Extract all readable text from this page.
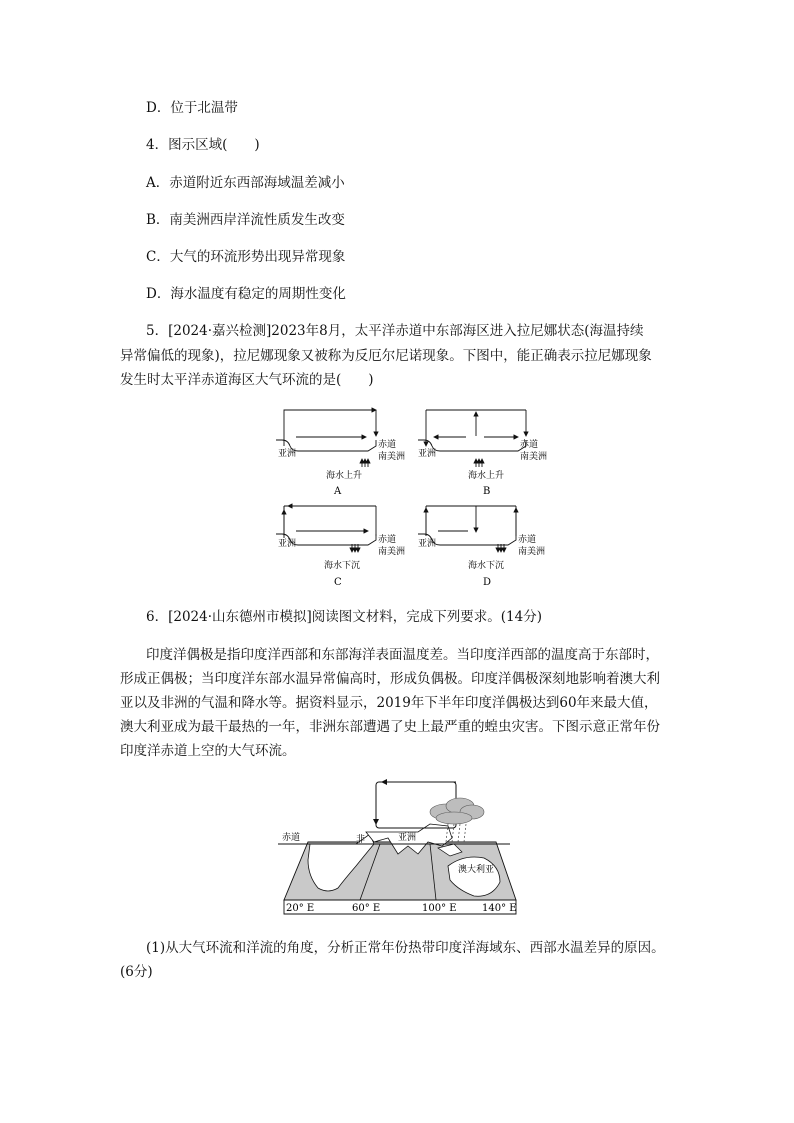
D．位于北温带
4．图示区域(　　)
A．赤道附近东西部海域温差减小
B．南美洲西岸洋流性质发生改变
C．大气的环流形势出现异常现象
D．海水温度有稳定的周期性变化
5．[2024·嘉兴检测]2023年8月，太平洋赤道中东部海区进入拉尼娜状态(海温持续
异常偏低的现象)，拉尼娜现象又被称为反厄尔尼诺现象。下图中，能正确表示拉尼娜现象
发生时太平洋赤道海区大气环流的是(　　)
亚洲
赤道
南美洲
海水上升
A
亚洲
赤道
南美洲
海水上升
B
亚洲	赤道
南美洲
海水下沉
C
亚洲	赤道
南美洲
海水下沉
D
6．[2024·山东德州市模拟]阅读图文材料，完成下列要求。(14分)
印度洋偶极是指印度洋西部和东部海洋表面温度差。当印度洋西部的温度高于东部时，
形成正偶极；当印度洋东部水温异常偏高时，形成负偶极。印度洋偶极深刻地影响着澳大利
亚以及非洲的气温和降水等。据资料显示，2019年下半年印度洋偶极达到60年来最大值，
澳大利亚成为最干最热的一年，非洲东部遭遇了史上最严重的蝗虫灾害。下图示意正常年份
印度洋赤道上空的大气环流。
赤道	非	亚洲
澳大利亚
20° E	60° E	100° E	140° E
(1)从大气环流和洋流的角度，分析正常年份热带印度洋海域东、西部水温差异的原因。
(6分)
